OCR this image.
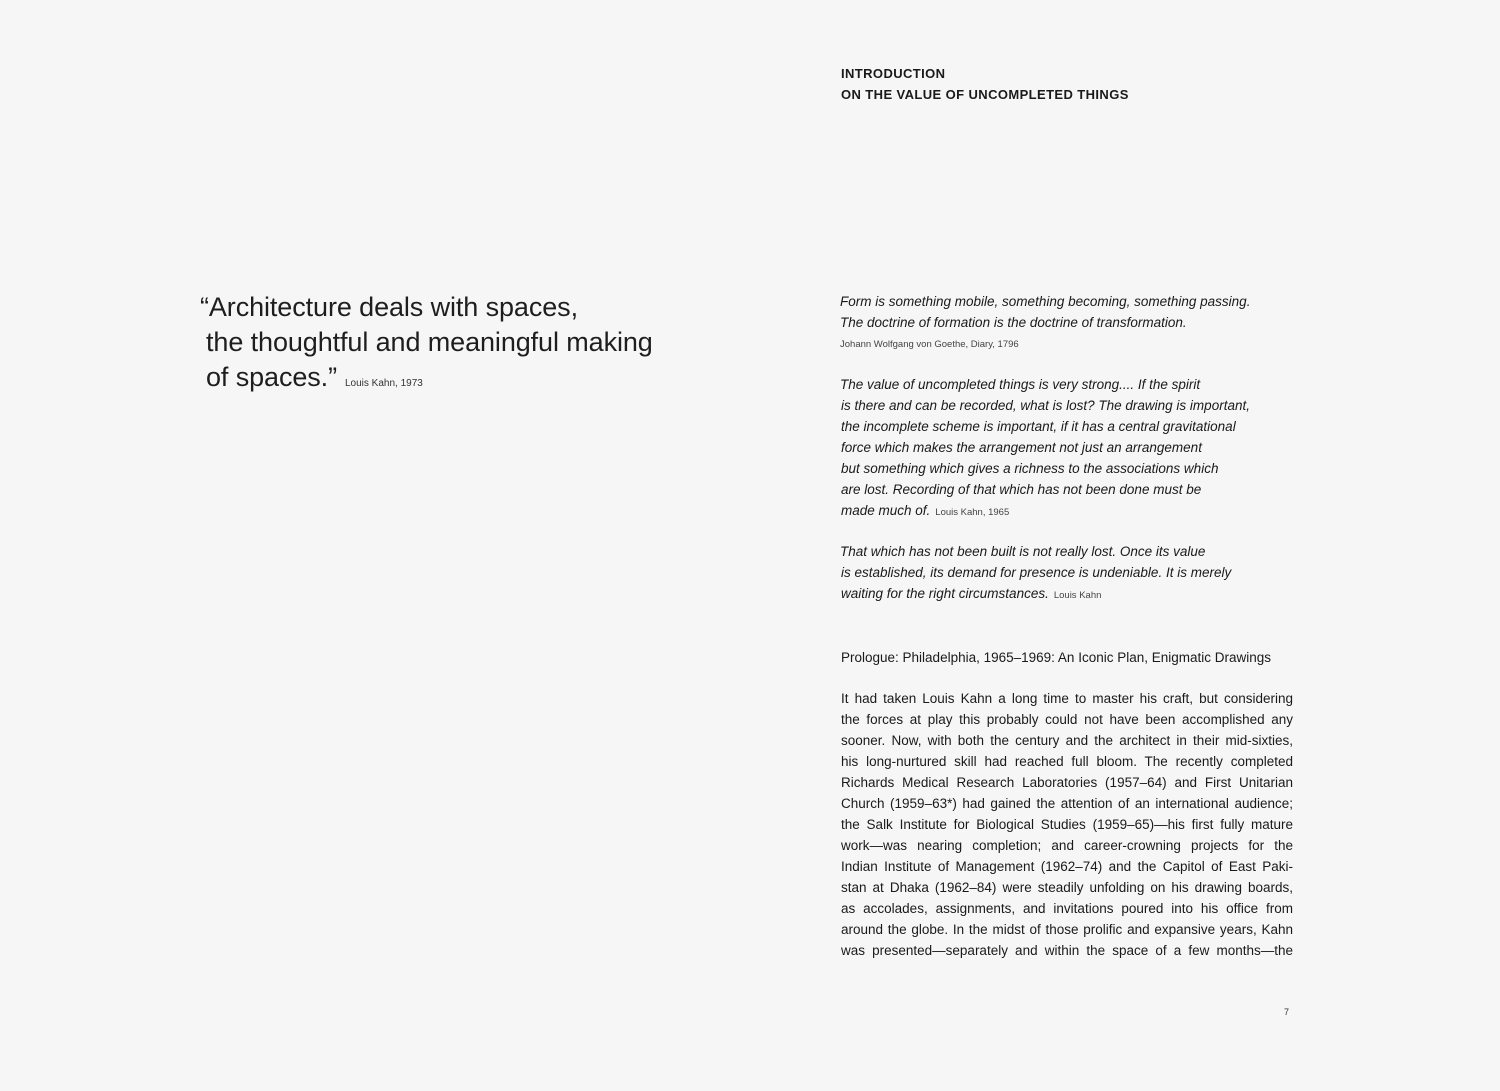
“Architecture deals with spaces,
the thoughtful and meaningful making
of spaces.” Louis Kahn, 1973
INTRODUCTION
ON THE VALUE OF UNCOMPLETED THINGS
Form is something mobile, something becoming, something passing.
The doctrine of formation is the doctrine of transformation.
Johann Wolfgang von Goethe, Diary, 1796
The value of uncompleted things is very strong.... If the spirit
is there and can be recorded, what is lost? The drawing is important,
the incomplete scheme is important, if it has a central gravitational
force which makes the arrangement not just an arrangement
but something which gives a richness to the associations which
are lost. Recording of that which has not been done must be
made much of. Louis Kahn, 1965
That which has not been built is not really lost. Once its value
is established, its demand for presence is undeniable. It is merely
waiting for the right circumstances. Louis Kahn
Prologue: Philadelphia, 1965–1969: An Iconic Plan, Enigmatic Drawings
It had taken Louis Kahn a long time to master his craft, but considering
the forces at play this probably could not have been accomplished any
sooner. Now, with both the century and the architect in their mid-sixties,
his long-nurtured skill had reached full bloom. The recently completed
Richards Medical Research Laboratories (1957–64) and First Unitarian
Church (1959–63*) had gained the attention of an international audience;
the Salk Institute for Biological Studies (1959–65)—his first fully mature
work—was nearing completion; and career-crowning projects for the
Indian Institute of Management (1962–74) and the Capitol of East Paki-
stan at Dhaka (1962–84) were steadily unfolding on his drawing boards,
as accolades, assignments, and invitations poured into his office from
around the globe. In the midst of those prolific and expansive years, Kahn
was presented—separately and within the space of a few months—the
7
